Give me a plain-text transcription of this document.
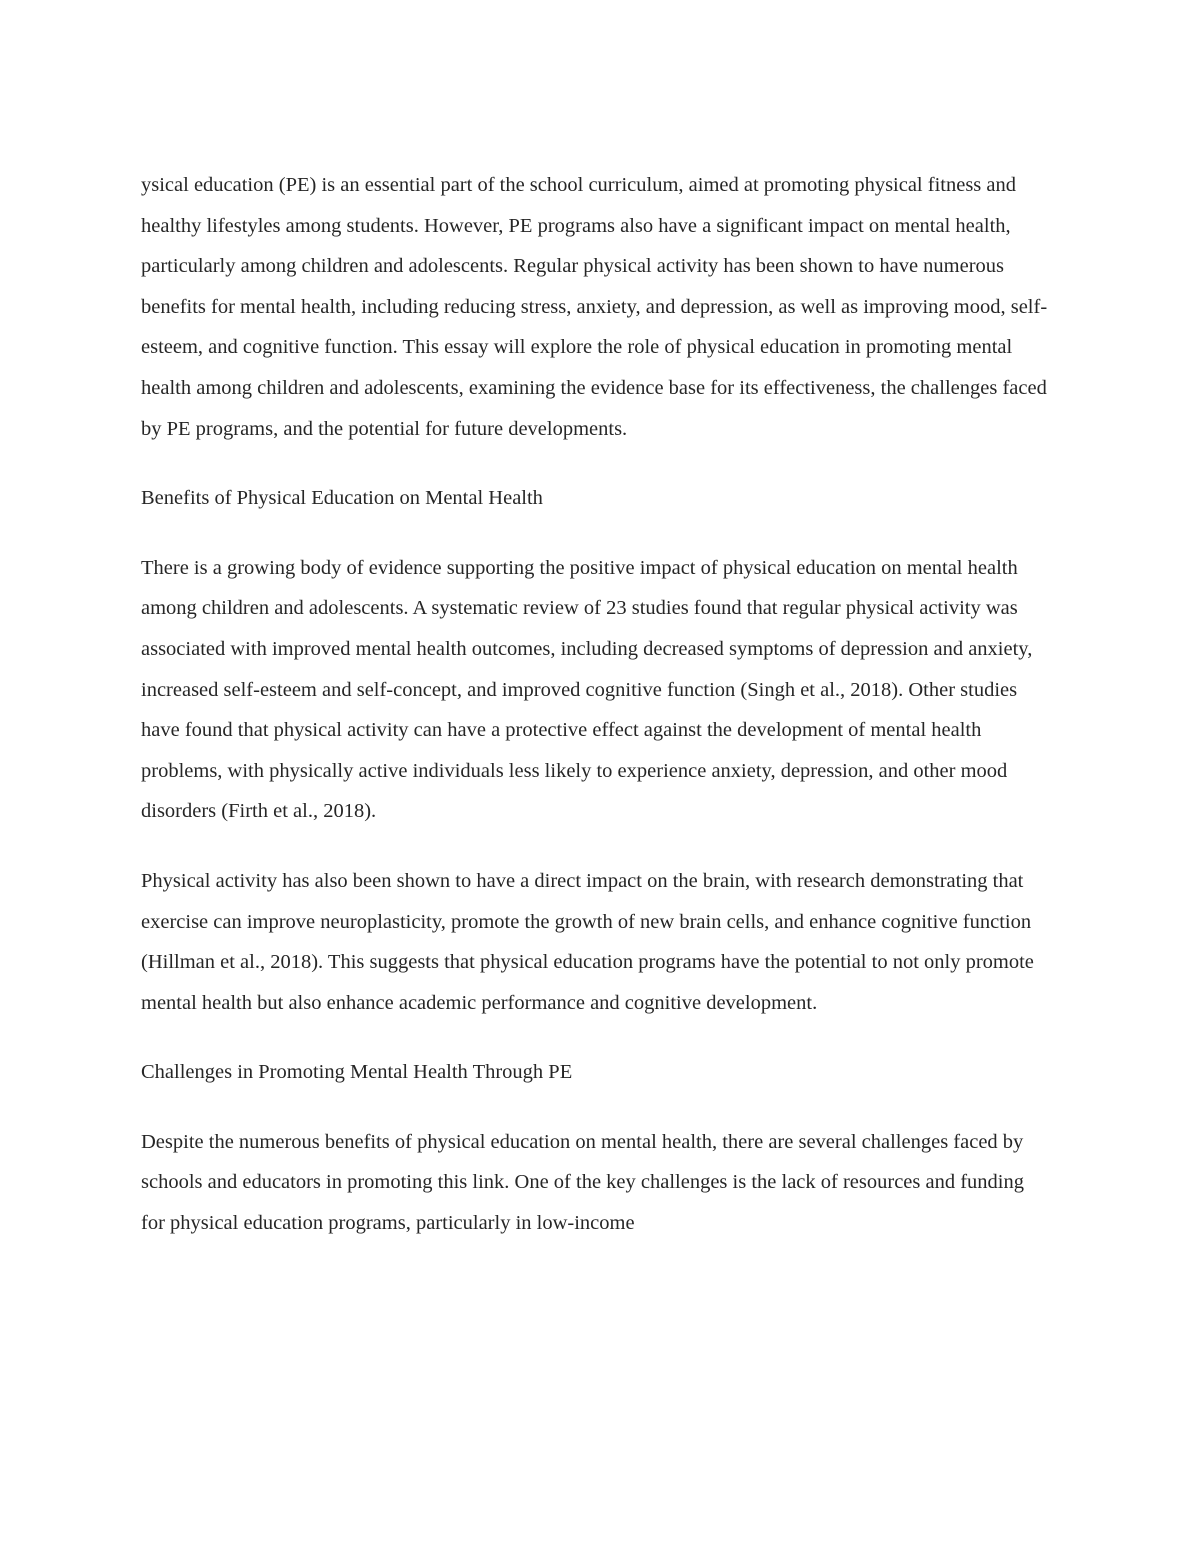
ysical education (PE) is an essential part of the school curriculum, aimed at promoting physical fitness and healthy lifestyles among students. However, PE programs also have a significant impact on mental health, particularly among children and adolescents. Regular physical activity has been shown to have numerous benefits for mental health, including reducing stress, anxiety, and depression, as well as improving mood, self-esteem, and cognitive function. This essay will explore the role of physical education in promoting mental health among children and adolescents, examining the evidence base for its effectiveness, the challenges faced by PE programs, and the potential for future developments.

Benefits of Physical Education on Mental Health

There is a growing body of evidence supporting the positive impact of physical education on mental health among children and adolescents. A systematic review of 23 studies found that regular physical activity was associated with improved mental health outcomes, including decreased symptoms of depression and anxiety, increased self-esteem and self-concept, and improved cognitive function (Singh et al., 2018). Other studies have found that physical activity can have a protective effect against the development of mental health problems, with physically active individuals less likely to experience anxiety, depression, and other mood disorders (Firth et al., 2018).

Physical activity has also been shown to have a direct impact on the brain, with research demonstrating that exercise can improve neuroplasticity, promote the growth of new brain cells, and enhance cognitive function (Hillman et al., 2018). This suggests that physical education programs have the potential to not only promote mental health but also enhance academic performance and cognitive development.

Challenges in Promoting Mental Health Through PE

Despite the numerous benefits of physical education on mental health, there are several challenges faced by schools and educators in promoting this link. One of the key challenges is the lack of resources and funding for physical education programs, particularly in low-income
